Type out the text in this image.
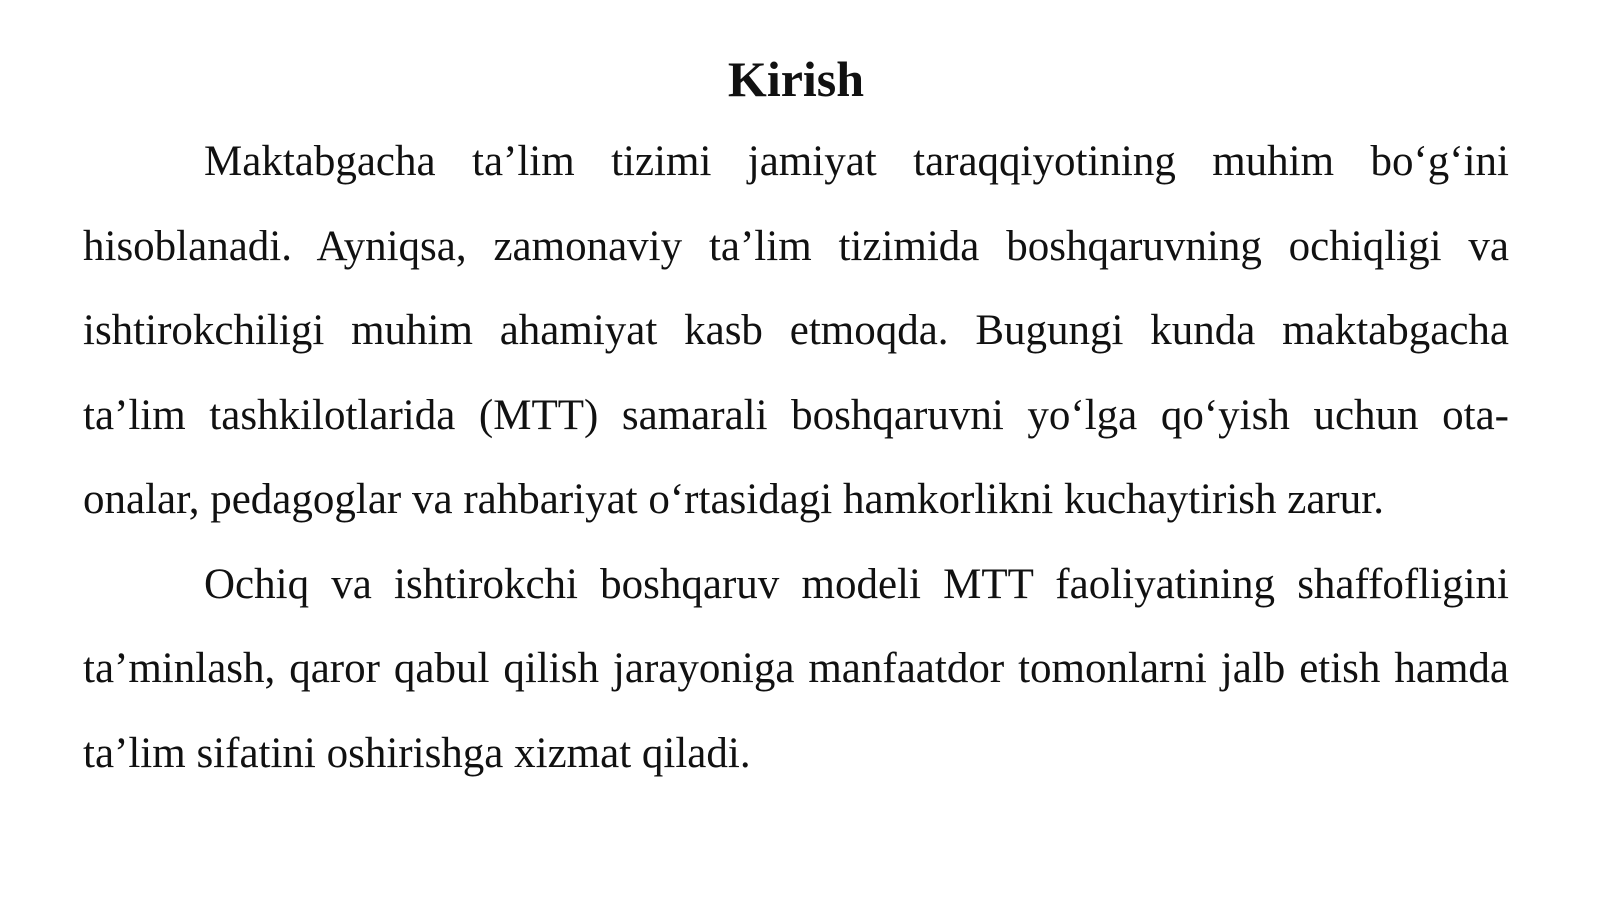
Kirish

Maktabgacha ta’lim tizimi jamiyat taraqqiyotining muhim bo‘g‘ini hisoblanadi. Ayniqsa, zamonaviy ta’lim tizimida boshqaruvning ochiqligi va ishtirokchiligi muhim ahamiyat kasb etmoqda. Bugungi kunda maktabgacha ta’lim tashkilotlarida (MTT) samarali boshqaruvni yo‘lga qo‘yish uchun ota-onalar, pedagoglar va rahbariyat o‘rtasidagi hamkorlikni kuchaytirish zarur.

Ochiq va ishtirokchi boshqaruv modeli MTT faoliyatining shaffofligini ta’minlash, qaror qabul qilish jarayoniga manfaatdor tomonlarni jalb etish hamda ta’lim sifatini oshirishga xizmat qiladi.
